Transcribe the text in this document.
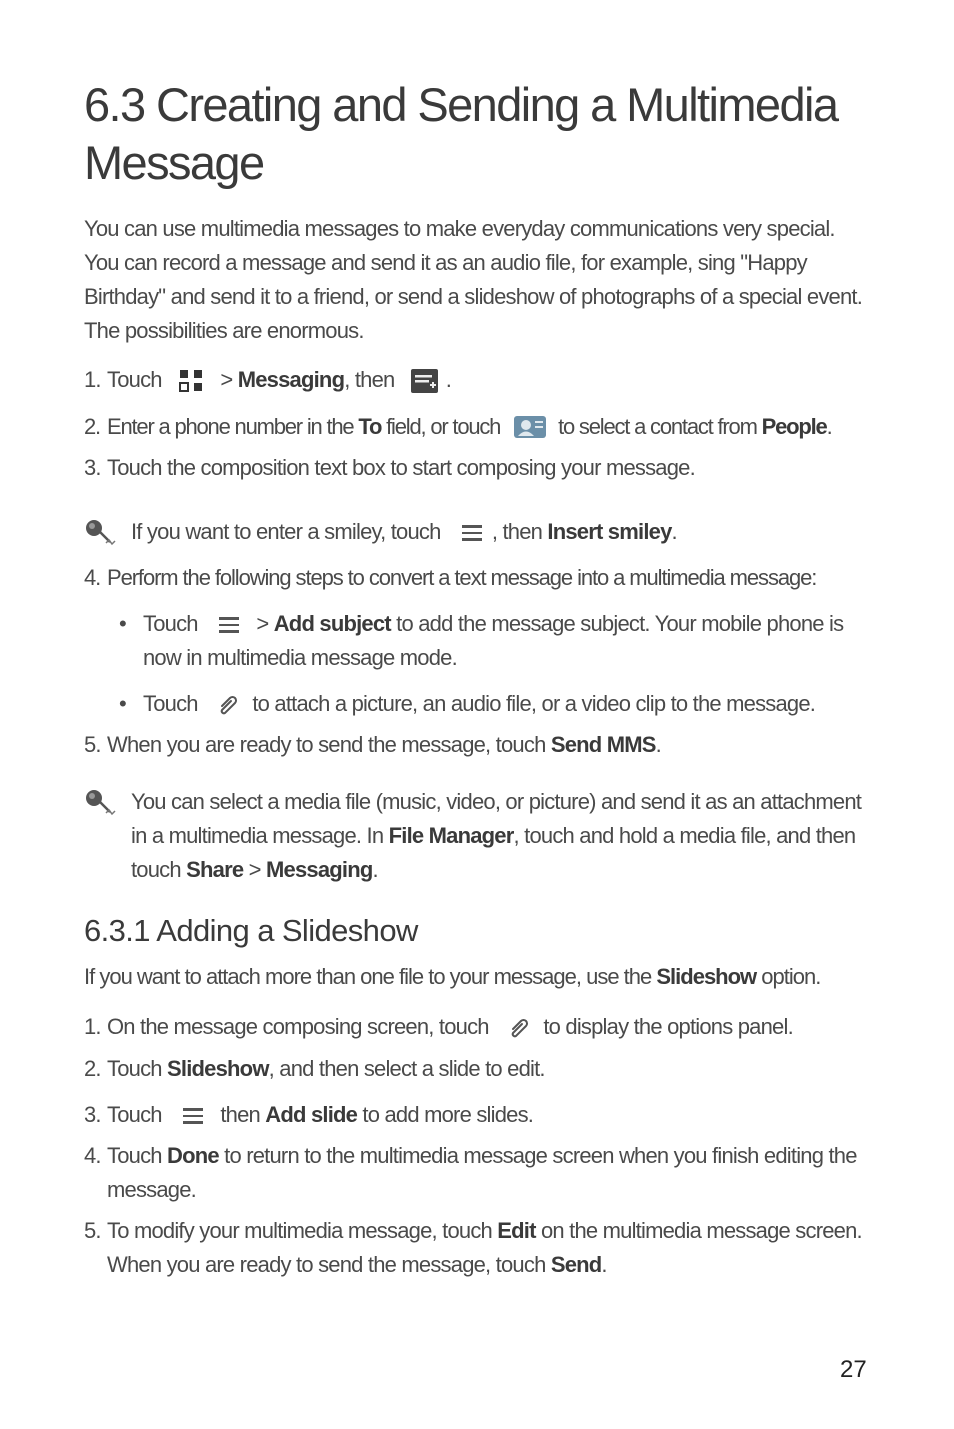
6.3 Creating and Sending a Multimedia Message

You can use multimedia messages to make everyday communications very special. You can record a message and send it as an audio file, for example, sing "Happy Birthday" and send it to a friend, or send a slideshow of photographs of a special event. The possibilities are enormous.

1. Touch  > Messaging, then .
2. Enter a phone number in the To field, or touch  to select a contact from People.
3. Touch the composition text box to start composing your message.
If you want to enter a smiley, touch , then Insert smiley.
4. Perform the following steps to convert a text message into a multimedia message:
• Touch
> Add subject to add the message subject. Your mobile phone is now in multimedia message mode.
• Touch  to attach a picture, an audio file, or a video clip to the message.
5. When you are ready to send the message, touch Send MMS.
You can select a media file (music, video, or picture) and send it as an attachment in a multimedia message. In File Manager, touch and hold a media file, and then touch Share > Messaging.
6.3.1 Adding a Slideshow
If you want to attach more than one file to your message, use the Slideshow option.
1. On the message composing screen, touch  to display the options panel.
2. Touch Slideshow, and then select a slide to edit.
3. Touch
then Add slide to add more slides.
4. Touch Done to return to the multimedia message screen when you finish editing the message.
5. To modify your multimedia message, touch Edit on the multimedia message screen. When you are ready to send the message, touch Send.
27
